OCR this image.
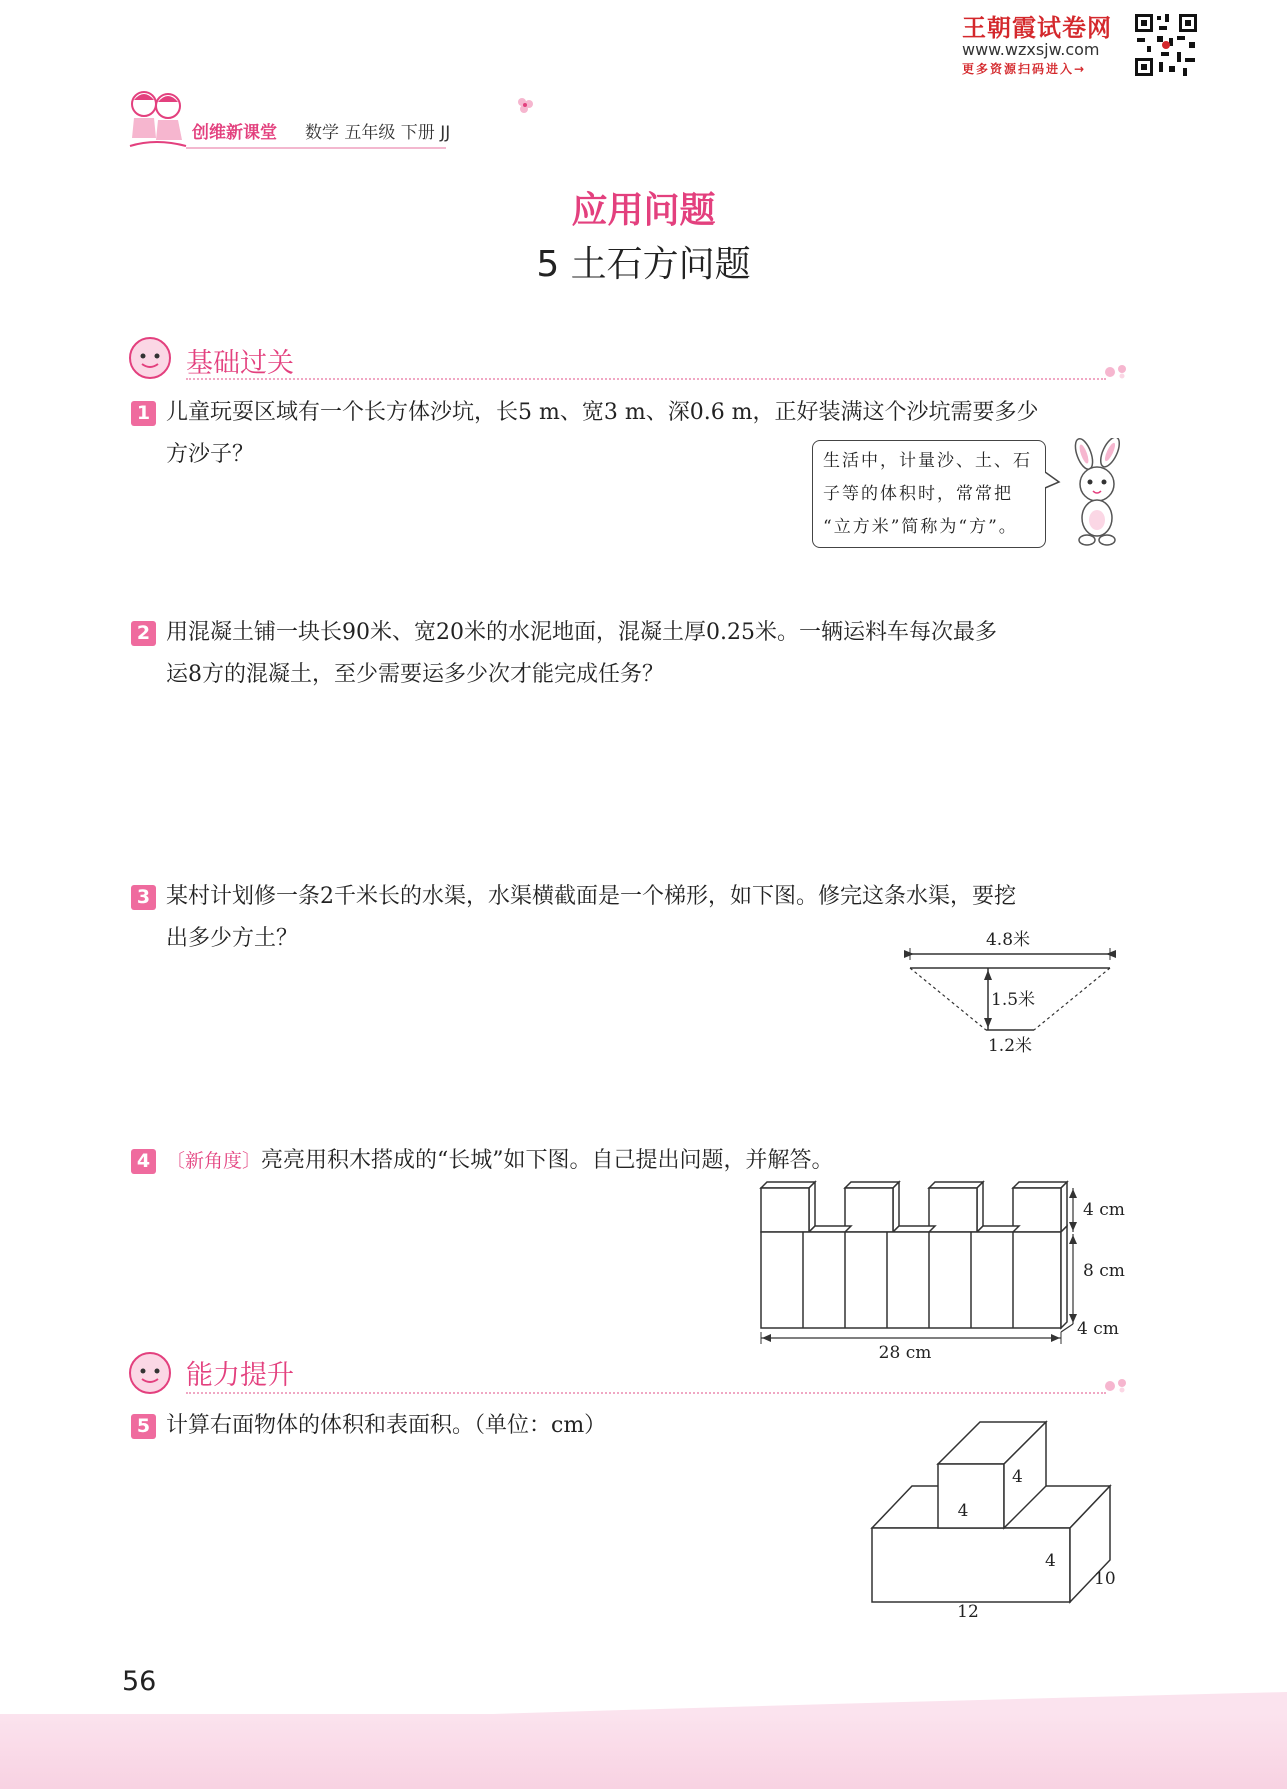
王朝霞试卷网
www.wzxsjw.com
更多资源扫码进入→
创维新课堂 数学 五年级 下册 JJ
应用问题
5 土石方问题
基础过关
1 儿童玩耍区域有一个长方体沙坑，长5 m、宽3 m、深0.6 m，正好装满这个沙坑需要多少
方沙子？	生活中，计量沙、土、石
子等的体积时，常常把
“立方米”简称为“方”。
2 用混凝土铺一块长90米、宽20米的水泥地面，混凝土厚0.25米。一辆运料车每次最多
运8方的混凝土，至少需要运多少次才能完成任务？
3 某村计划修一条2千米长的水渠，水渠横截面是一个梯形，如下图。修完这条水渠，要挖
出多少方土？	4.8米
1.5米
1.2米
4 〔新角度〕亮亮用积木搭成的“长城”如下图。自己提出问题，并解答。
4 cm
8 cm
4 cm
28 cm
能力提升
5 计算右面物体的体积和表面积。（单位：cm）
4
4
4
10
12
56
